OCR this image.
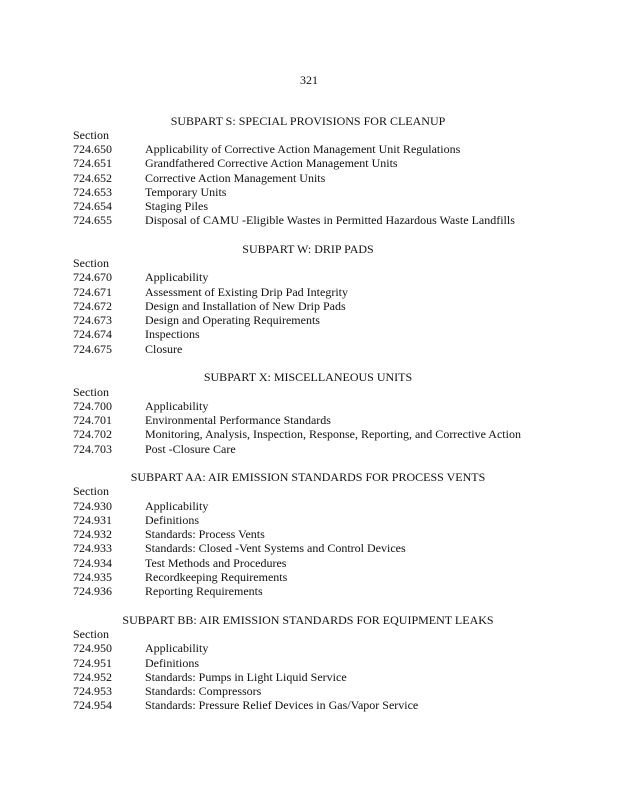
321
SUBPART S: SPECIAL PROVISIONS FOR CLEANUP
Section
724.650	Applicability of Corrective Action Management Unit Regulations
724.651	Grandfathered Corrective Action Management Units
724.652	Corrective Action Management Units
724.653	Temporary Units
724.654	Staging Piles
724.655	Disposal of CAMU -Eligible Wastes in Permitted Hazardous Waste Landfills
SUBPART W: DRIP PADS
Section
724.670	Applicability
724.671	Assessment of Existing Drip Pad Integrity
724.672	Design and Installation of New Drip Pads
724.673	Design and Operating Requirements
724.674	Inspections
724.675	Closure
SUBPART X: MISCELLANEOUS UNITS
Section
724.700	Applicability
724.701	Environmental Performance Standards
724.702	Monitoring, Analysis, Inspection, Response, Reporting, and Corrective Action
724.703	Post -Closure Care
SUBPART AA: AIR EMISSION STANDARDS FOR PROCESS VENTS
Section
724.930	Applicability
724.931	Definitions
724.932	Standards: Process Vents
724.933	Standards: Closed -Vent Systems and Control Devices
724.934	Test Methods and Procedures
724.935	Recordkeeping Requirements
724.936	Reporting Requirements
SUBPART BB: AIR EMISSION STANDARDS FOR EQUIPMENT LEAKS
Section
724.950	Applicability
724.951	Definitions
724.952	Standards: Pumps in Light Liquid Service
724.953	Standards: Compressors
724.954	Standards: Pressure Relief Devices in Gas/Vapor Service
